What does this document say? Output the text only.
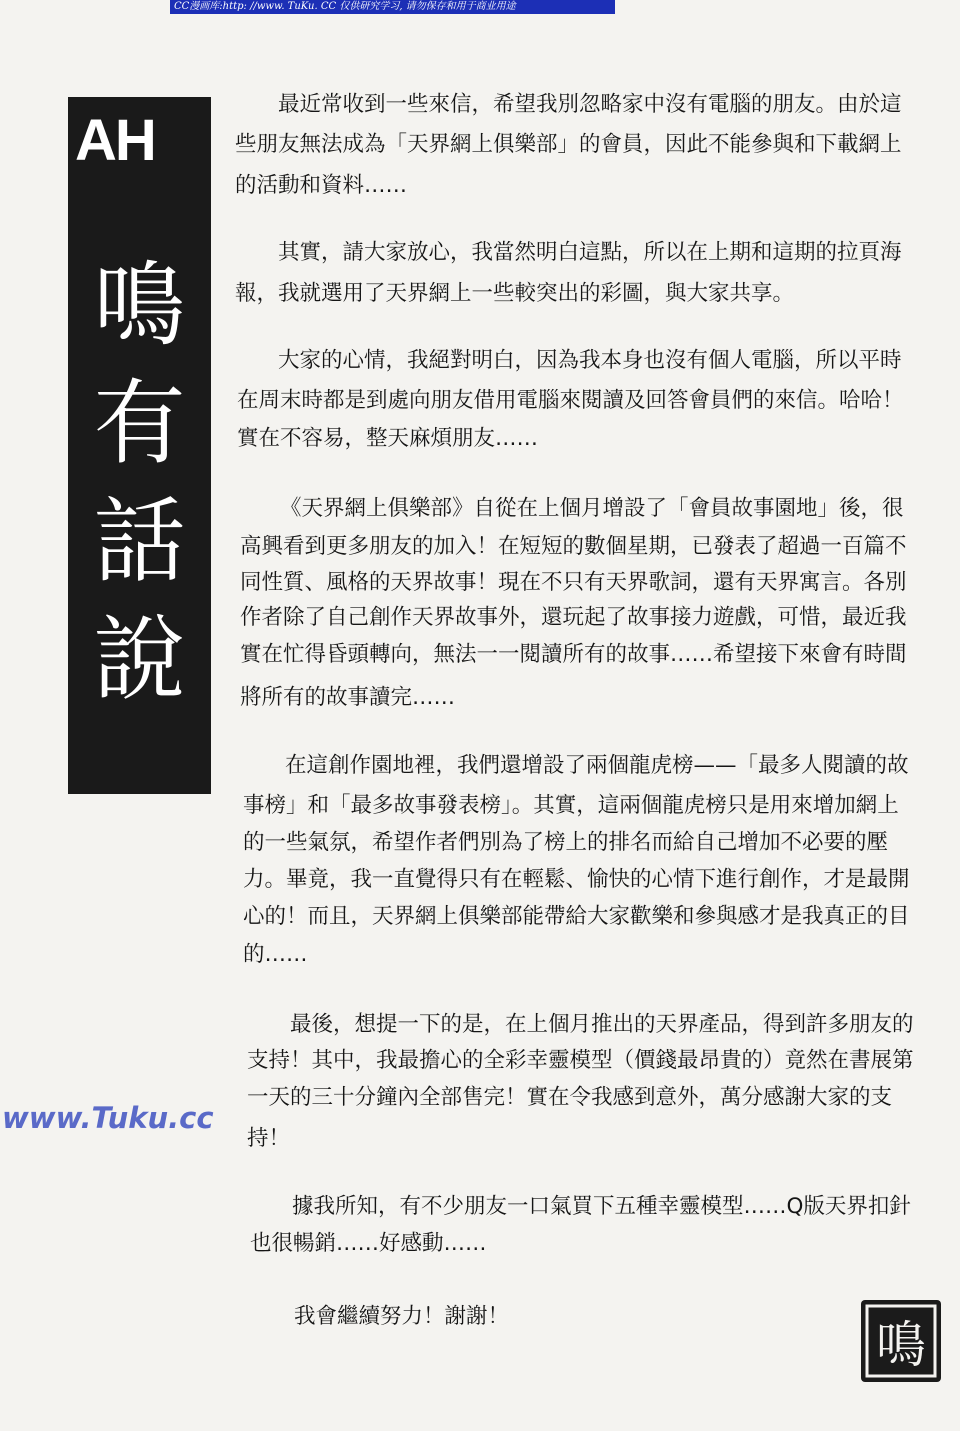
CC漫画库:http: //www. TuKu. CC 仅供研究学习, 请勿保存和用于商业用途
AH
鳴
有
話
說
www.Tuku.cc
最近常收到一些來信，希望我別忽略家中沒有電腦的朋友。由於這
些朋友無法成為「天界網上俱樂部」的會員，因此不能參與和下載網上
的活動和資料……
其實，請大家放心，我當然明白這點，所以在上期和這期的拉頁海
報，我就選用了天界網上一些較突出的彩圖，與大家共享。
大家的心情，我絕對明白，因為我本身也沒有個人電腦，所以平時
在周末時都是到處向朋友借用電腦來閱讀及回答會員們的來信。哈哈！
實在不容易，整天麻煩朋友……
《天界網上俱樂部》自從在上個月增設了「會員故事園地」後，很
高興看到更多朋友的加入！在短短的數個星期，已發表了超過一百篇不
同性質、風格的天界故事！現在不只有天界歌詞，還有天界寓言。各別
作者除了自己創作天界故事外，還玩起了故事接力遊戲，可惜，最近我
實在忙得昏頭轉向，無法一一閱讀所有的故事……希望接下來會有時間
將所有的故事讀完……
在這創作園地裡，我們還增設了兩個龍虎榜——「最多人閱讀的故
事榜」和「最多故事發表榜」。其實，這兩個龍虎榜只是用來增加網上
的一些氣氛，希望作者們別為了榜上的排名而給自己增加不必要的壓
力。畢竟，我一直覺得只有在輕鬆、愉快的心情下進行創作，才是最開
心的！而且，天界網上俱樂部能帶給大家歡樂和參與感才是我真正的目
的……
最後，想提一下的是，在上個月推出的天界產品，得到許多朋友的
支持！其中，我最擔心的全彩幸靈模型（價錢最昂貴的）竟然在書展第
一天的三十分鐘內全部售完！實在令我感到意外，萬分感謝大家的支
持！
據我所知，有不少朋友一口氣買下五種幸靈模型……Q版天界扣針
也很暢銷……好感動……
我會繼續努力！謝謝！	鳴
